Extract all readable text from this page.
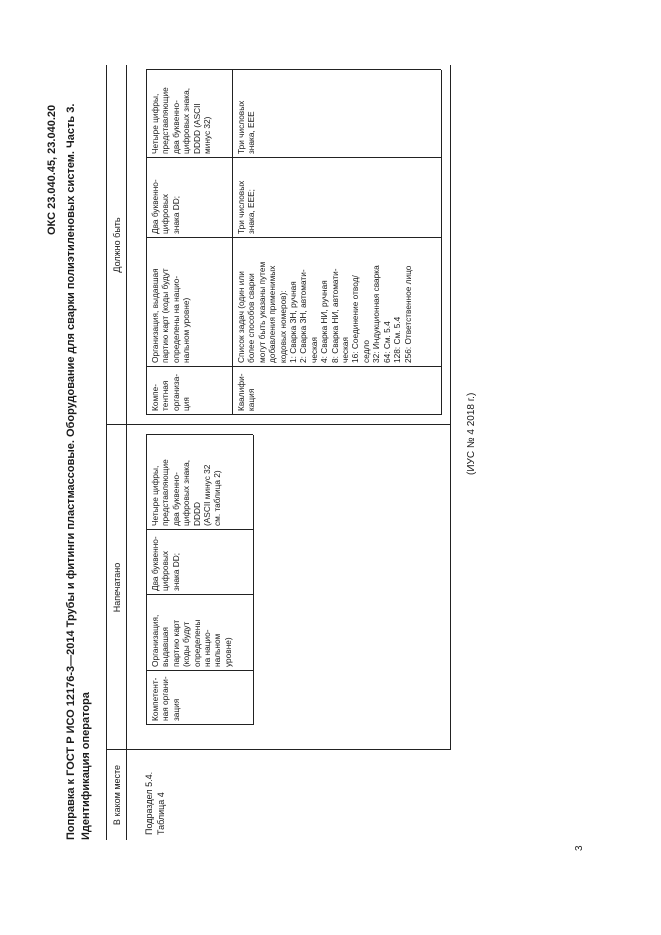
ОКС 23.040.45, 23.040.20 Поправка к ГОСТ Р ИСО 12176-3—2014 Трубы и фитинги пластмассовые. Оборудование для сварки полиэтиленовых систем. Часть 3. Идентификация оператора В каком месте
Напечатано
Должно быть
Подраздел 5.4.
Таблица 4
Компетент-
ная органи-
зация
Организация,
выдавшая
партию карт
(коды будут
определены
на нацио-
нальном
уровне)
Два буквенно-
цифровых
знака DD;
Четыре цифры,
представляющие
два буквенно-
цифровых знака,
DDDD
(ASCII минус 32
см. таблица 2)
Компе-
тентная
организа-
ция
Организация, выдавшая
партию карт (коды будут
определены на нацио-
нальном уровне)
Два буквенно-
цифровых
знака DD;
Четыре цифры,
представляющие
два буквенно-
цифровых знака,
DDDD (ASCII
минус 32)
Квалифи-
кация
Список задач (один или
более способов сварки
могут быть указаны путем
добавления применимых
кодовых номеров):
1: Сварка ЗН, ручная
2: Сварка ЗН, автомати-
ческая
4: Сварка НИ, ручная
8: Сварка НИ, автомати-
ческая
16: Соединение отвод/
седло
32: Индукционная сварка
64: См. 5.4
128: См. 5.4
256: Ответственное лицо
Три числовых
знака, EEE;
Три числовых
знака, EEE
3
(ИУС № 4 2018 г.)
